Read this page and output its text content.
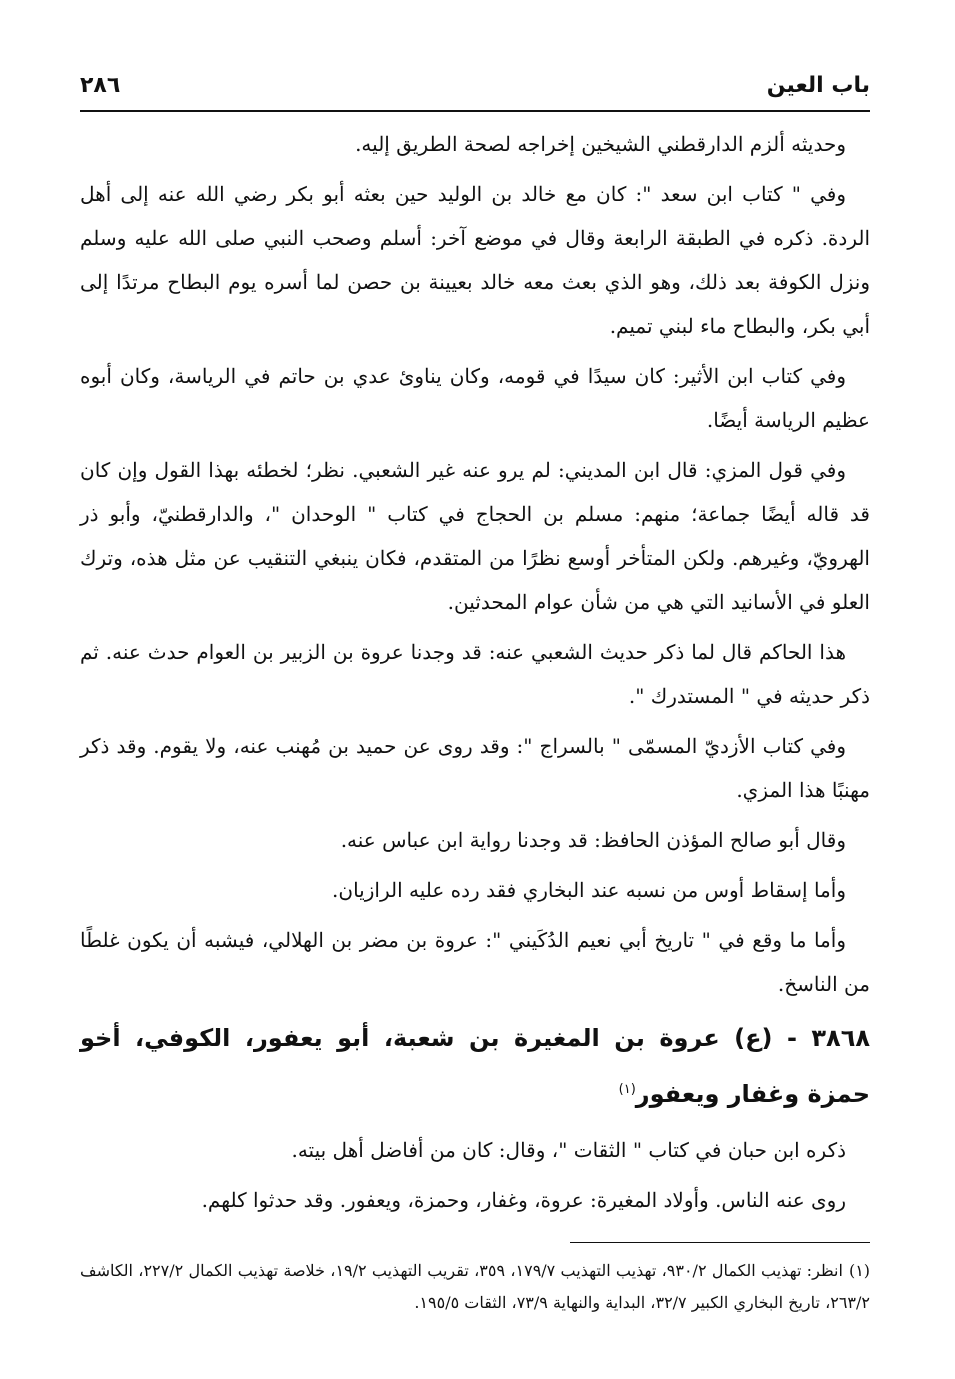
باب العين
٢٨٦

وحديثه ألزم الدارقطني الشيخين إخراجه لصحة الطريق إليه.

وفي " كتاب ابن سعد ": كان مع خالد بن الوليد حين بعثه أبو بكر رضي الله عنه إلى أهل الردة. ذكره في الطبقة الرابعة وقال في موضع آخر: أسلم وصحب النبي صلى الله عليه وسلم ونزل الكوفة بعد ذلك، وهو الذي بعث معه خالد بعيينة بن حصن لما أسره يوم البطاح مرتدًا إلى أبي بكر، والبطاح ماء لبني تميم.

وفي كتاب ابن الأثير: كان سيدًا في قومه، وكان يناوئ عدي بن حاتم في الرياسة، وكان أبوه عظيم الرياسة أيضًا.

وفي قول المزي: قال ابن المديني: لم يرو عنه غير الشعبي. نظر؛ لخطئه بهذا القول وإن كان قد قاله أيضًا جماعة؛ منهم: مسلم بن الحجاج في كتاب " الوحدان "، والدارقطنيّ، وأبو ذر الهرويّ، وغيرهم. ولكن المتأخر أوسع نظرًا من المتقدم، فكان ينبغي التنقيب عن مثل هذه، وترك العلو في الأسانيد التي هي من شأن عوام المحدثين.

هذا الحاكم قال لما ذكر حديث الشعبي عنه: قد وجدنا عروة بن الزبير بن العوام حدث عنه. ثم ذكر حديثه في " المستدرك ".

وفي كتاب الأزديّ المسمّى " بالسراج ": وقد روى عن حميد بن مُهنب عنه، ولا يقوم. وقد ذكر مهنبًا هذا المزي.

وقال أبو صالح المؤذن الحافظ: قد وجدنا رواية ابن عباس عنه.

وأما إسقاط أوس من نسبه عند البخاري فقد رده عليه الرازيان.

وأما ما وقع في " تاريخ أبي نعيم الدُكَيني ": عروة بن مضر بن الهلالي، فيشبه أن يكون غلطًا من الناسخ.

٣٨٦٨ - (ع) عروة بن المغيرة بن شعبة، أبو يعفور، الكوفي، أخو حمزة وغفار ويعفور$^{(١)}$

ذكره ابن حبان في كتاب " الثقات "، وقال: كان من أفاضل أهل بيته.

روى عنه الناس. وأولاد المغيرة: عروة، وغفار، وحمزة، ويعفور. وقد حدثوا كلهم.

(١)انظر: تهذيب الكمال ٩٣٠/٢، تهذيب التهذيب ١٧٩/٧، ٣٥٩، تقريب التهذيب ١٩/٢، خلاصة تهذيب الكمال ٢٢٧/٢، الكاشف ٢٦٣/٢، تاريخ البخاري الكبير ٣٢/٧، البداية والنهاية ٧٣/٩، الثقات ١٩٥/٥.
